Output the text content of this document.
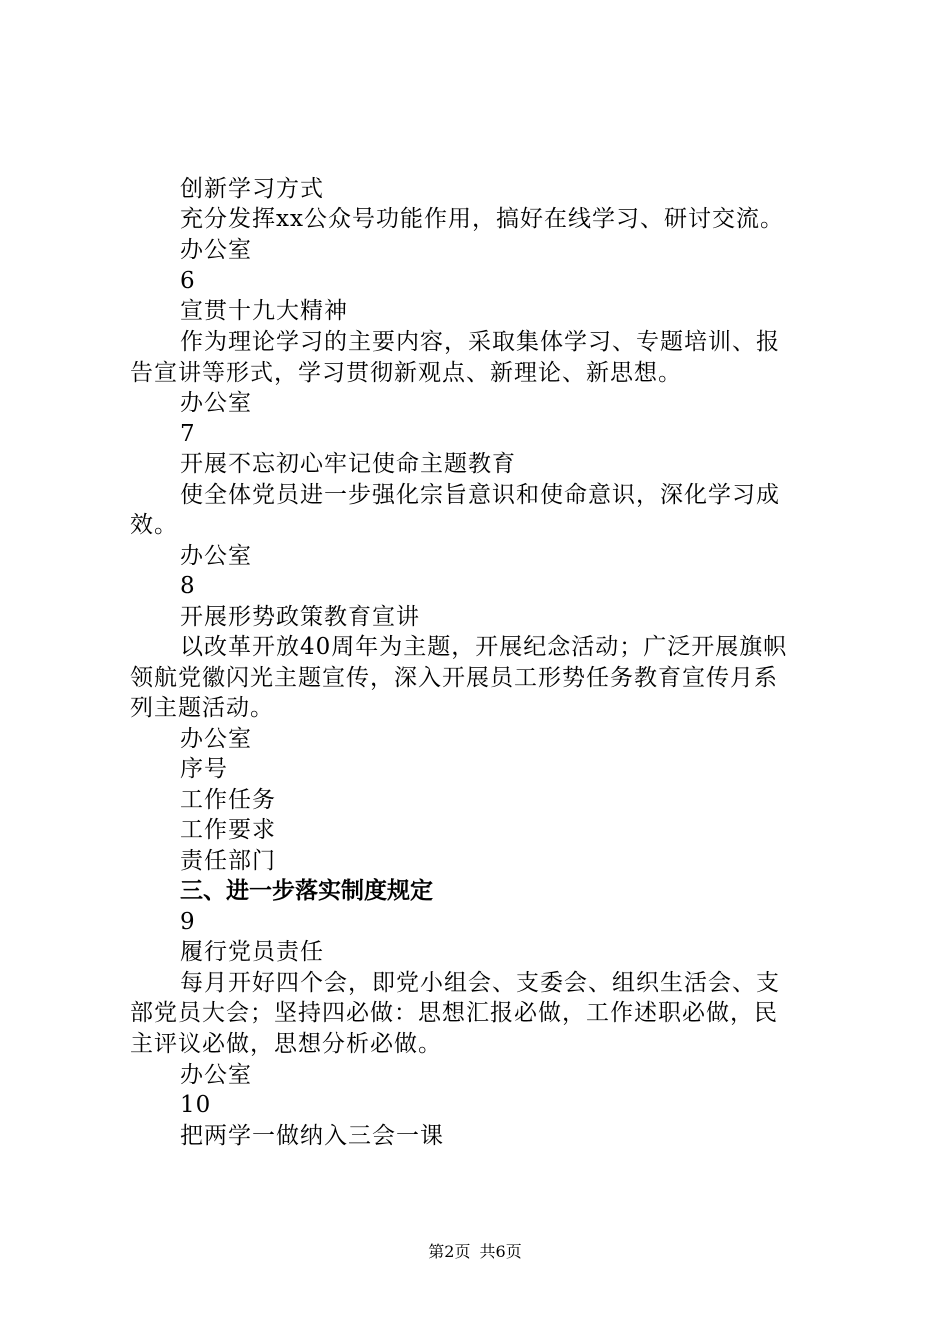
创新学习方式
充分发挥xx公众号功能作用，搞好在线学习、研讨交流。
办公室
6
宣贯十九大精神
作为理论学习的主要内容，采取集体学习、专题培训、报
告宣讲等形式，学习贯彻新观点、新理论、新思想。
办公室
7
开展不忘初心牢记使命主题教育
使全体党员进一步强化宗旨意识和使命意识，深化学习成
效。
办公室
8
开展形势政策教育宣讲
以改革开放40周年为主题，开展纪念活动；广泛开展旗帜
领航党徽闪光主题宣传，深入开展员工形势任务教育宣传月系
列主题活动。
办公室
序号
工作任务
工作要求
责任部门
三、进一步落实制度规定
9
履行党员责任
每月开好四个会，即党小组会、支委会、组织生活会、支
部党员大会；坚持四必做：思想汇报必做，工作述职必做，民
主评议必做，思想分析必做。
办公室
10
把两学一做纳入三会一课
第2页 共6页
